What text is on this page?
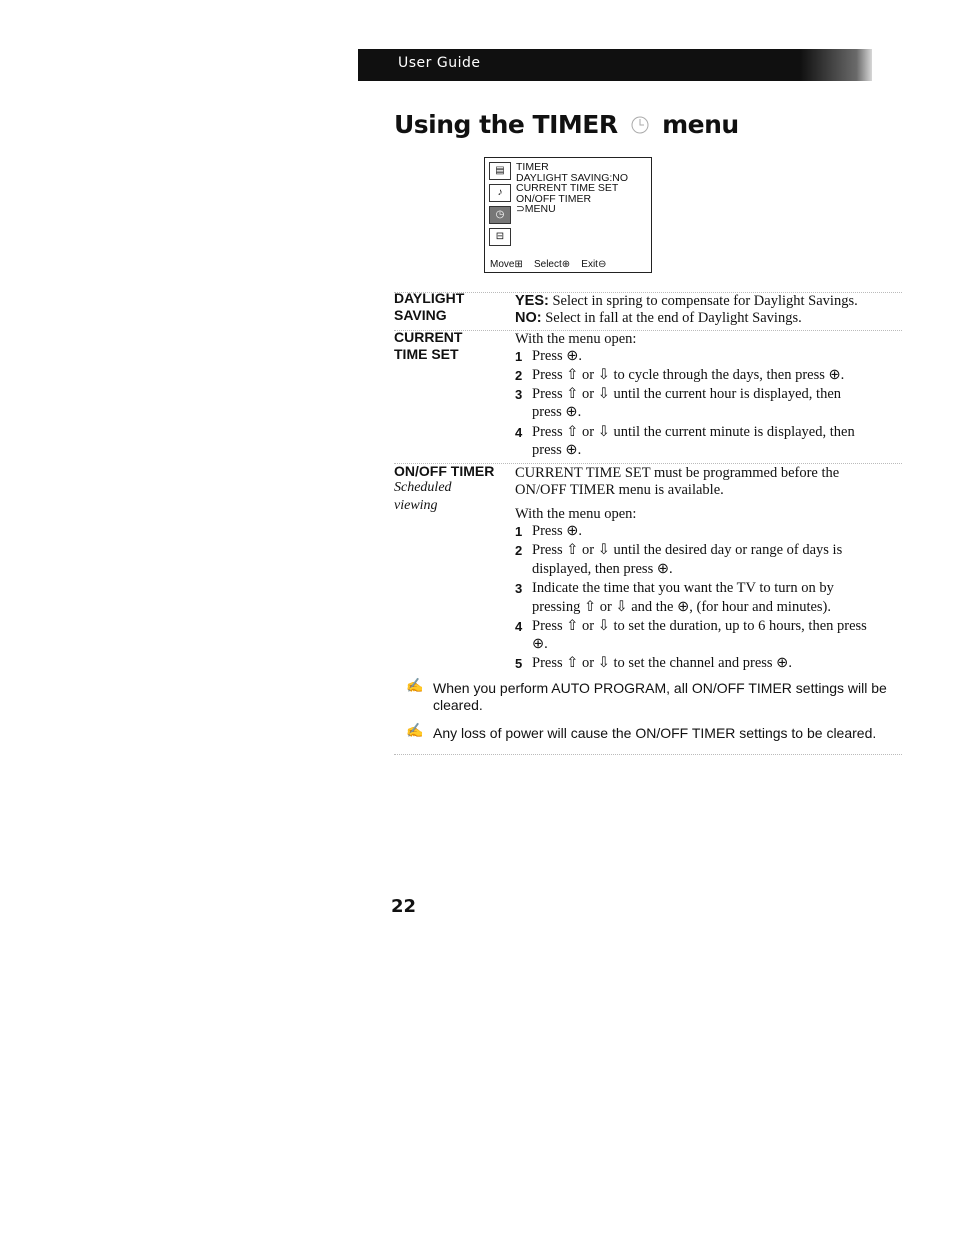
User Guide
Using the TIMER menu
▤
♪
◷
⊟
TIMER
DAYLIGHT SAVING:NO
CURRENT TIME SET
ON/OFF TIMER
⊃MENU
Move⊞ Select⊕ Exit⊖
DAYLIGHT
SAVING
YES: Select in spring to compensate for Daylight Savings.
NO: Select in fall at the end of Daylight Savings.
CURRENT
TIME SET
With the menu open:
1 Press ⊕.
2 Press ⇧ or ⇩ to cycle through the days, then press ⊕.
3 Press ⇧ or ⇩ until the current hour is displayed, then
press ⊕.
4 Press ⇧ or ⇩ until the current minute is displayed, then
press ⊕.
ON/OFF TIMER
Scheduled
viewing
CURRENT TIME SET must be programmed before the
ON/OFF TIMER menu is available.
With the menu open:
1 Press ⊕.
2 Press ⇧ or ⇩ until the desired day or range of days is
displayed, then press ⊕.
3 Indicate the time that you want the TV to turn on by
pressing ⇧ or ⇩ and the ⊕, (for hour and minutes).
4 Press ⇧ or ⇩ to set the duration, up to 6 hours, then press
⊕.
5 Press ⇧ or ⇩ to set the channel and press ⊕.
✍ When you perform AUTO PROGRAM, all ON/OFF TIMER settings will be
cleared.
✍ Any loss of power will cause the ON/OFF TIMER settings to be cleared.
22
